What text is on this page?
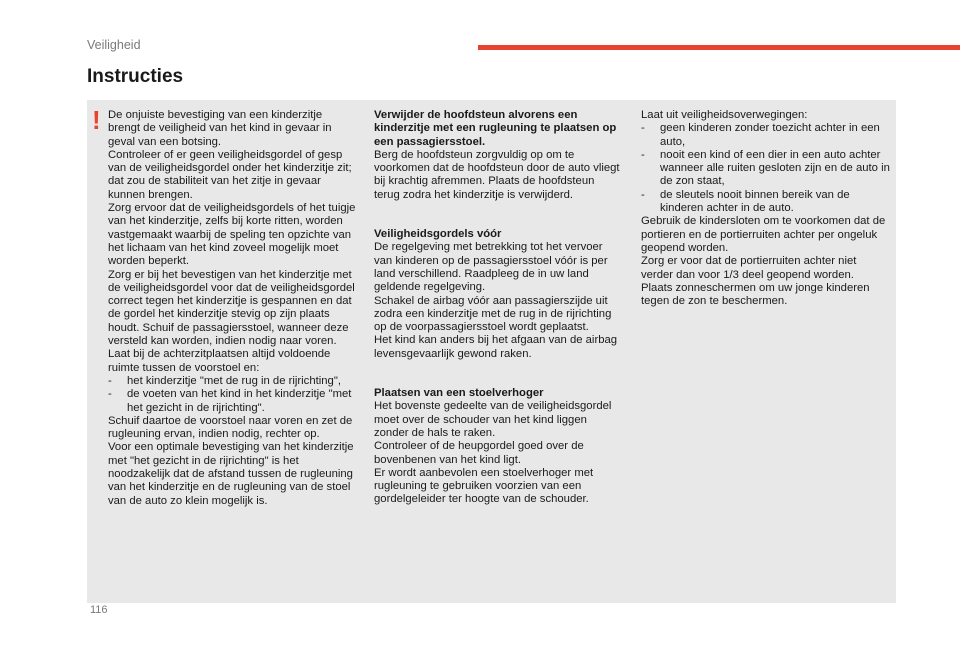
Veiligheid
Instructies
! De onjuiste bevestiging van een kinderzitje brengt de veiligheid van het kind in gevaar in geval van een botsing.

Controleer of er geen veiligheidsgordel of gesp van de veiligheidsgordel onder het kinderzitje zit; dat zou de stabiliteit van het zitje in gevaar kunnen brengen.

Zorg ervoor dat de veiligheidsgordels of het tuigje van het kinderzitje, zelfs bij korte ritten, worden vastgemaakt waarbij de speling ten opzichte van het lichaam van het kind zoveel mogelijk moet worden beperkt.

Zorg er bij het bevestigen van het kinderzitje met de veiligheidsgordel voor dat de veiligheidsgordel correct tegen het kinderzitje is gespannen en dat de gordel het kinderzitje stevig op zijn plaats houdt. Schuif de passagiersstoel, wanneer deze versteld kan worden, indien nodig naar voren.

Laat bij de achterzitplaatsen altijd voldoende ruimte tussen de voorstoel en:

- het kinderzitje "met de rug in de rijrichting",

- de voeten van het kind in het kinderzitje "met het gezicht in de rijrichting".

Schuif daartoe de voorstoel naar voren en zet de rugleuning ervan, indien nodig, rechter op.

Voor een optimale bevestiging van het kinderzitje met "het gezicht in de rijrichting" is het noodzakelijk dat de afstand tussen de rugleuning van het kinderzitje en de rugleuning van de stoel van de auto zo klein mogelijk is.

Verwijder de hoofdsteun alvorens een kinderzitje met een rugleuning te plaatsen op een passagiersstoel.

Berg de hoofdsteun zorgvuldig op om te voorkomen dat de hoofdsteun door de auto vliegt bij krachtig afremmen. Plaats de hoofdsteun terug zodra het kinderzitje is verwijderd.

Veiligheidsgordels vóór

De regelgeving met betrekking tot het vervoer van kinderen op de passagiersstoel vóór is per land verschillend. Raadpleeg de in uw land geldende regelgeving.

Schakel de airbag vóór aan passagierszijde uit zodra een kinderzitje met de rug in de rijrichting op de voorpassagiersstoel wordt geplaatst.

Het kind kan anders bij het afgaan van de airbag levensgevaarlijk gewond raken.

Plaatsen van een stoelverhoger

Het bovenste gedeelte van de veiligheidsgordel moet over de schouder van het kind liggen zonder de hals te raken.

Controleer of de heupgordel goed over de bovenbenen van het kind ligt.

Er wordt aanbevolen een stoelverhoger met rugleuning te gebruiken voorzien van een gordelgeleider ter hoogte van de schouder.

Laat uit veiligheidsoverwegingen:

- geen kinderen zonder toezicht achter in een auto,

- nooit een kind of een dier in een auto achter wanneer alle ruiten gesloten zijn en de auto in de zon staat,

- de sleutels nooit binnen bereik van de kinderen achter in de auto.

Gebruik de kindersloten om te voorkomen dat de portieren en de portierruiten achter per ongeluk geopend worden.

Zorg er voor dat de portierruiten achter niet verder dan voor 1/3 deel geopend worden.

Plaats zonneschermen om uw jonge kinderen tegen de zon te beschermen.

116
